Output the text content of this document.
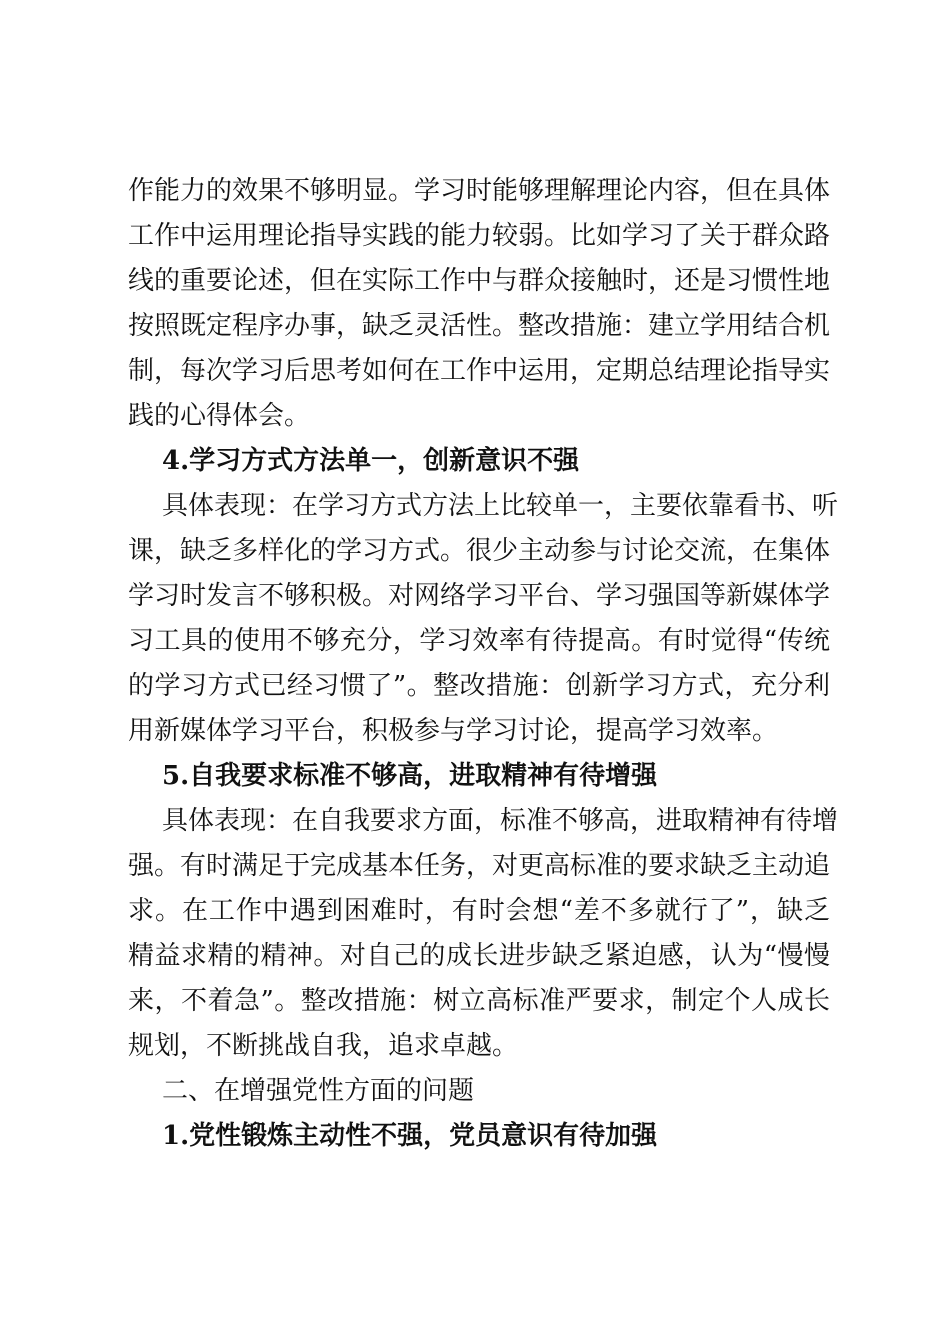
作能力的效果不够明显。学习时能够理解理论内容，但在具体
工作中运用理论指导实践的能力较弱。比如学习了关于群众路
线的重要论述，但在实际工作中与群众接触时，还是习惯性地
按照既定程序办事，缺乏灵活性。整改措施：建立学用结合机
制，每次学习后思考如何在工作中运用，定期总结理论指导实
践的心得体会。
4.学习方式方法单一，创新意识不强
具体表现：在学习方式方法上比较单一，主要依靠看书、听
课，缺乏多样化的学习方式。很少主动参与讨论交流，在集体
学习时发言不够积极。对网络学习平台、学习强国等新媒体学
习工具的使用不够充分，学习效率有待提高。有时觉得“传统
的学习方式已经习惯了”。整改措施：创新学习方式，充分利
用新媒体学习平台，积极参与学习讨论，提高学习效率。
5.自我要求标准不够高，进取精神有待增强
具体表现：在自我要求方面，标准不够高，进取精神有待增
强。有时满足于完成基本任务，对更高标准的要求缺乏主动追
求。在工作中遇到困难时，有时会想“差不多就行了”，缺乏
精益求精的精神。对自己的成长进步缺乏紧迫感，认为“慢慢
来，不着急”。整改措施：树立高标准严要求，制定个人成长
规划，不断挑战自我，追求卓越。
二、在增强党性方面的问题
1.党性锻炼主动性不强，党员意识有待加强
